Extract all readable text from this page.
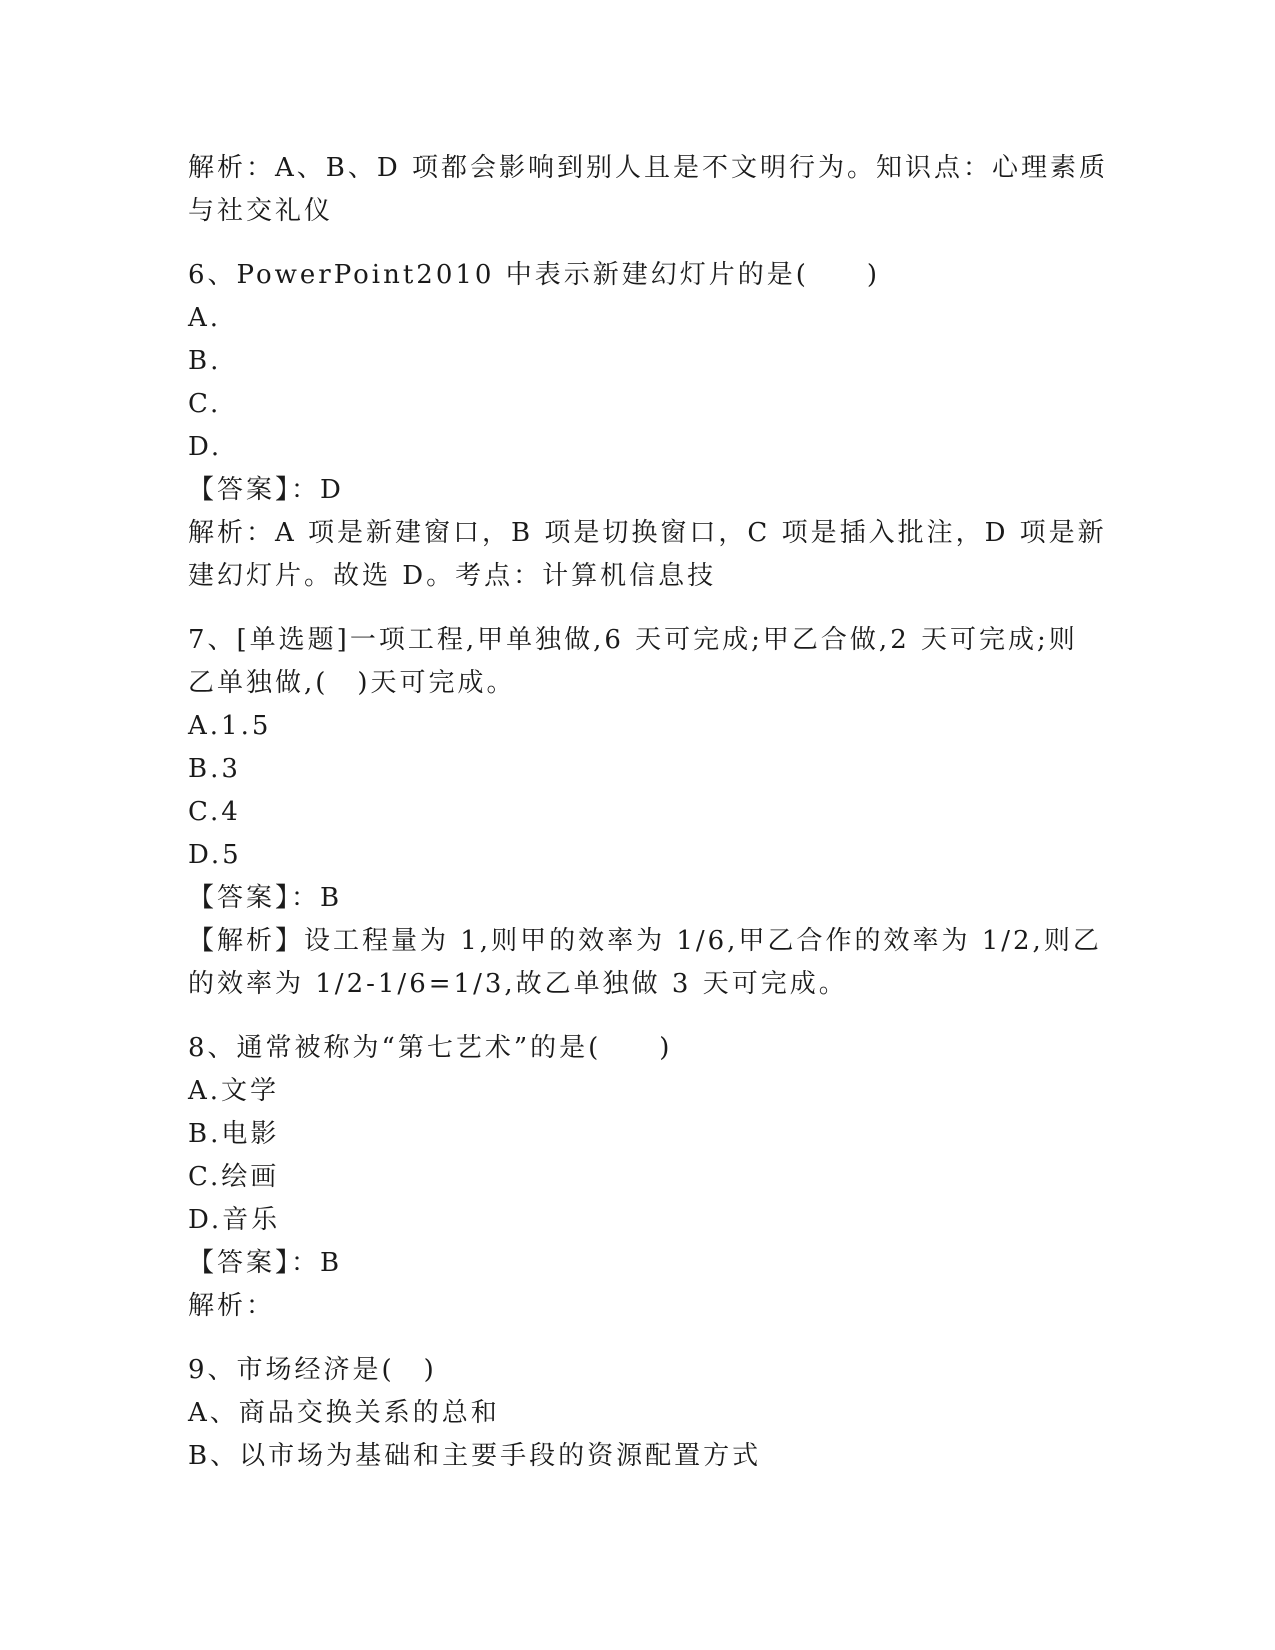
解析：A、B、D 项都会影响到别人且是不文明行为。知识点：心理素质
与社交礼仪
6、PowerPoint2010 中表示新建幻灯片的是(　　)
A.
B.
C.
D.
【答案】：D
解析：A 项是新建窗口，B 项是切换窗口，C 项是插入批注，D 项是新
建幻灯片。故选 D。考点：计算机信息技
7、[单选题]一项工程,甲单独做,6 天可完成;甲乙合做,2 天可完成;则
乙单独做,(　)天可完成。
A.1.5
B.3
C.4
D.5
【答案】：B
【解析】设工程量为 1,则甲的效率为 1/6,甲乙合作的效率为 1/2,则乙
的效率为 1/2-1/6=1/3,故乙单独做 3 天可完成。
8、通常被称为“第七艺术”的是(　　)
A.文学
B.电影
C.绘画
D.音乐
【答案】：B
解析：
9、市场经济是(　)
A、商品交换关系的总和
B、以市场为基础和主要手段的资源配置方式
